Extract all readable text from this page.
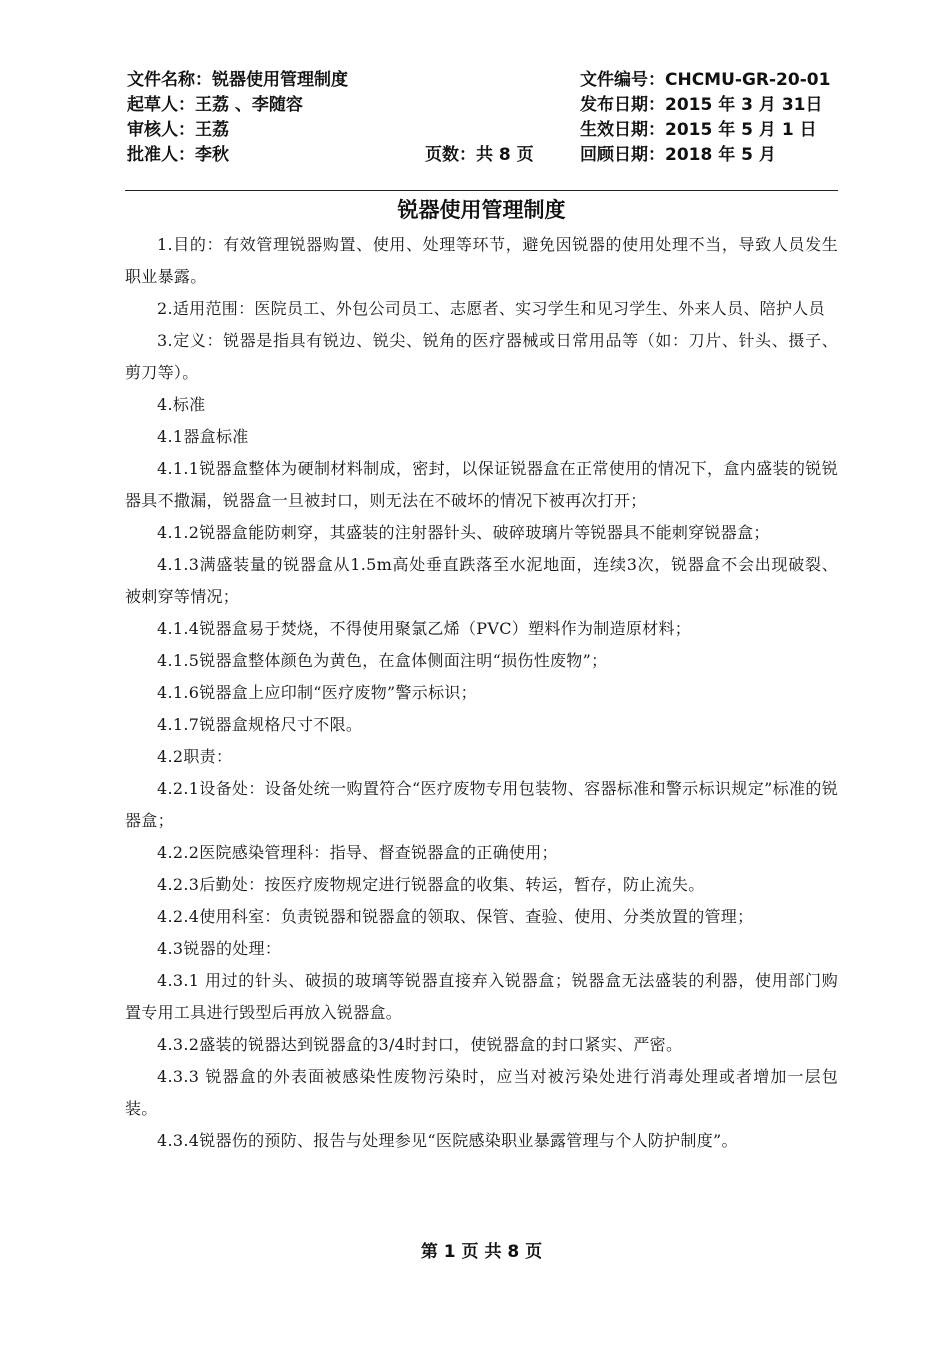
文件名称：锐器使用管理制度	文件编号：CHCMU-GR-20-01
起草人：王荔 、李随容	发布日期：2015 年 3 月 31日
审核人：王荔	生效日期：2015 年 5 月 1 日
批准人：李秋	页数：共 8 页	回顾日期：2018 年 5 月
锐器使用管理制度

1.目的：有效管理锐器购置、使用、处理等环节，避免因锐器的使用处理不当，导致人员发生职业暴露。

2.适用范围：医院员工、外包公司员工、志愿者、实习学生和见习学生、外来人员、陪护人员

3.定义：锐器是指具有锐边、锐尖、锐角的医疗器械或日常用品等（如：刀片、针头、摄子、剪刀等）。

4.标准

4.1器盒标准

4.1.1锐器盒整体为硬制材料制成，密封，以保证锐器盒在正常使用的情况下，盒内盛装的锐锐器具不撒漏，锐器盒一旦被封口，则无法在不破坏的情况下被再次打开；

4.1.2锐器盒能防刺穿，其盛装的注射器针头、破碎玻璃片等锐器具不能刺穿锐器盒；

4.1.3满盛装量的锐器盒从1.5m高处垂直跌落至水泥地面，连续3次，锐器盒不会出现破裂、被刺穿等情况；

4.1.4锐器盒易于焚烧，不得使用聚氯乙烯（PVC）塑料作为制造原材料；

4.1.5锐器盒整体颜色为黄色，在盒体侧面注明“损伤性废物”；

4.1.6锐器盒上应印制“医疗废物”警示标识；

4.1.7锐器盒规格尺寸不限。

4.2职责：

4.2.1设备处：设备处统一购置符合“医疗废物专用包装物、容器标准和警示标识规定”标准的锐器盒；

4.2.2医院感染管理科：指导、督查锐器盒的正确使用；

4.2.3后勤处：按医疗废物规定进行锐器盒的收集、转运，暂存，防止流失。

4.2.4使用科室：负责锐器和锐器盒的领取、保管、查验、使用、分类放置的管理；

4.3锐器的处理：

4.3.1 用过的针头、破损的玻璃等锐器直接弃入锐器盒；锐器盒无法盛装的利器，使用部门购置专用工具进行毁型后再放入锐器盒。

4.3.2盛装的锐器达到锐器盒的3/4时封口，使锐器盒的封口紧实、严密。

4.3.3 锐器盒的外表面被感染性废物污染时，应当对被污染处进行消毒处理或者增加一层包装。

4.3.4锐器伤的预防、报告与处理参见“医院感染职业暴露管理与个人防护制度”。

第 1 页 共 8 页
